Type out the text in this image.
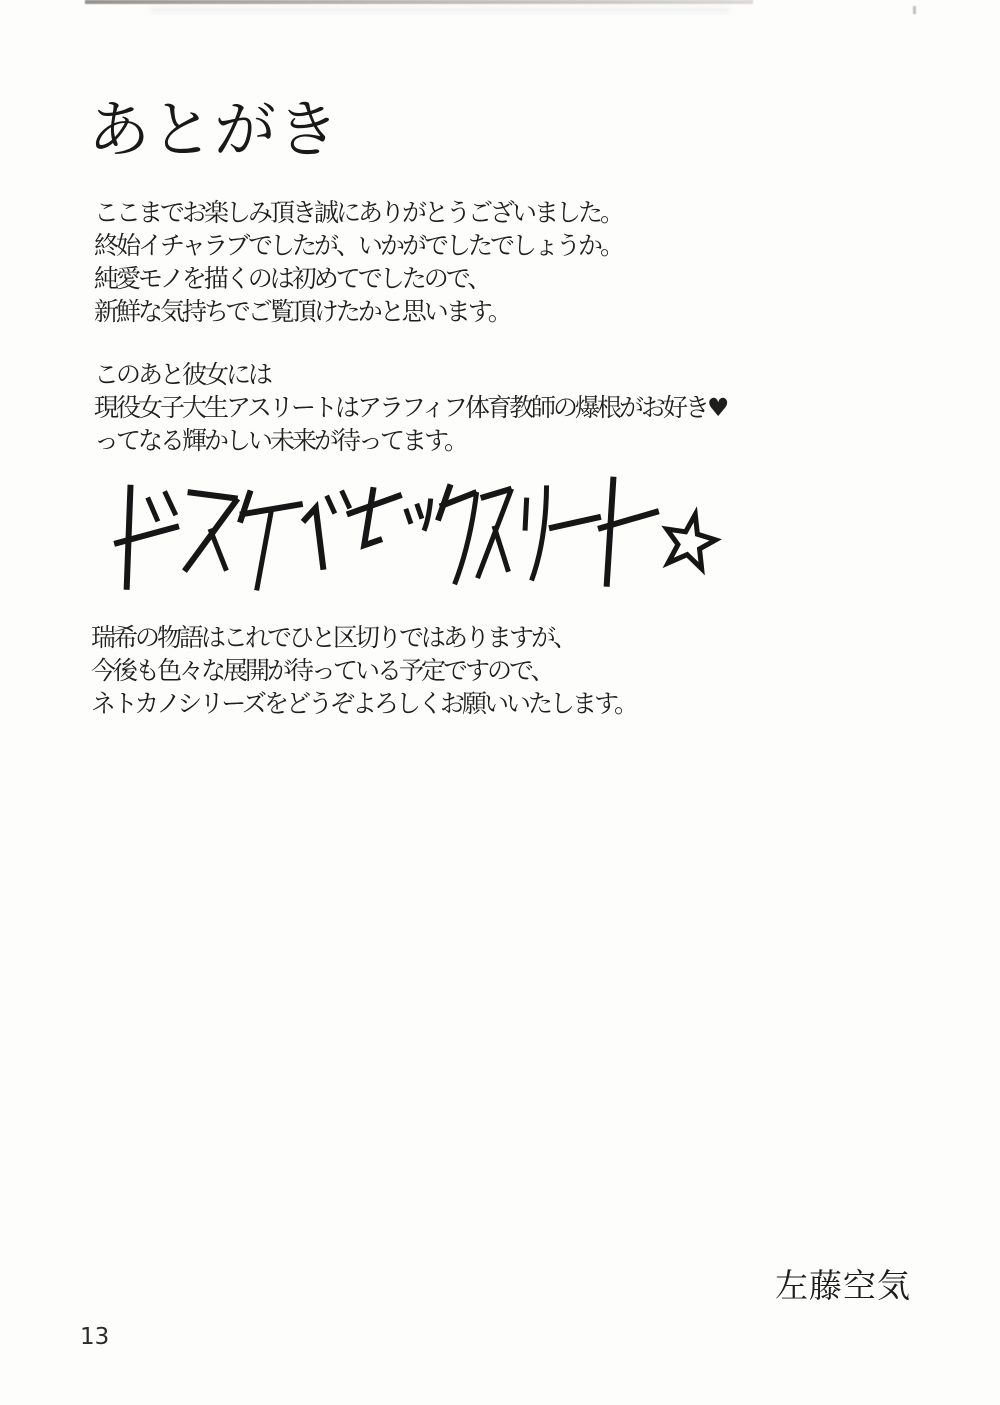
あとがき
ここまでお楽しみ頂き誠にありがとうございました。
終始イチャラブでしたが、いかがでしたでしょうか。
純愛モノを描くのは初めてでしたので、
新鮮な気持ちでご覧頂けたかと思います。
このあと彼女には
現役女子大生アスリートはアラフィフ体育教師の爆根がお好き♥
ってなる輝かしい未来が待ってます。
瑞希の物語はこれでひと区切りではありますが、
今後も色々な展開が待っている予定ですので、
ネトカノシリーズをどうぞよろしくお願いいたします。
左藤空気
13
